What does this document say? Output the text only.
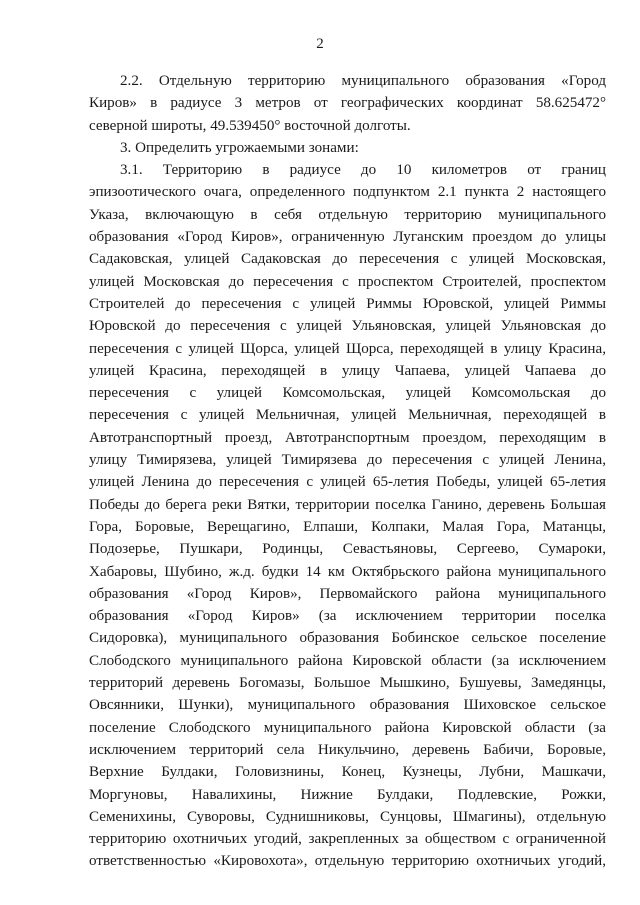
2
2.2. Отдельную территорию муниципального образования «Город
Киров» в радиусе 3 метров от географических координат 58.625472°
северной широты, 49.539450° восточной долготы.
3. Определить угрожаемыми зонами:
3.1. Территорию в радиусе до 10 километров от границ
эпизоотического очага, определенного подпунктом 2.1 пункта 2 настоящего
Указа, включающую в себя отдельную территорию муниципального
образования «Город Киров», ограниченную Луганским проездом до улицы
Садаковская, улицей Садаковская до пересечения с улицей Московская,
улицей Московская до пересечения с проспектом Строителей, проспектом
Строителей до пересечения с улицей Риммы Юровской, улицей Риммы
Юровской до пересечения с улицей Ульяновская, улицей Ульяновская до
пересечения с улицей Щорса, улицей Щорса, переходящей в улицу Красина,
улицей Красина, переходящей в улицу Чапаева, улицей Чапаева до
пересечения с улицей Комсомольская, улицей Комсомольская до
пересечения с улицей Мельничная, улицей Мельничная, переходящей в
Автотранспортный проезд, Автотранспортным проездом, переходящим в
улицу Тимирязева, улицей Тимирязева до пересечения с улицей Ленина,
улицей Ленина до пересечения с улицей 65-летия Победы, улицей 65-летия
Победы до берега реки Вятки, территории поселка Ганино, деревень Большая
Гора, Боровые, Верещагино, Елпаши, Колпаки, Малая Гора, Матанцы,
Подозерье, Пушкари, Родинцы, Севастьяновы, Сергеево, Сумароки,
Хабаровы, Шубино, ж.д. будки 14 км Октябрьского района муниципального
образования «Город Киров», Первомайского района муниципального
образования «Город Киров» (за исключением территории поселка
Сидоровка), муниципального образования Бобинское сельское поселение
Слободского муниципального района Кировской области (за исключением
территорий деревень Богомазы, Большое Мышкино, Бушуевы, Замедянцы,
Овсянники, Шунки), муниципального образования Шиховское сельское
поселение Слободского муниципального района Кировской области (за
исключением территорий села Никульчино, деревень Бабичи, Боровые,
Верхние Булдаки, Головизнины, Конец, Кузнецы, Лубни, Машкачи,
Моргуновы, Навалихины, Нижние Булдаки, Подлевские, Рожки,
Семенихины, Суворовы, Суднишниковы, Сунцовы, Шмагины), отдельную
территорию охотничьих угодий, закрепленных за обществом с ограниченной
ответственностью «Кировохота», отдельную территорию охотничьих угодий,
